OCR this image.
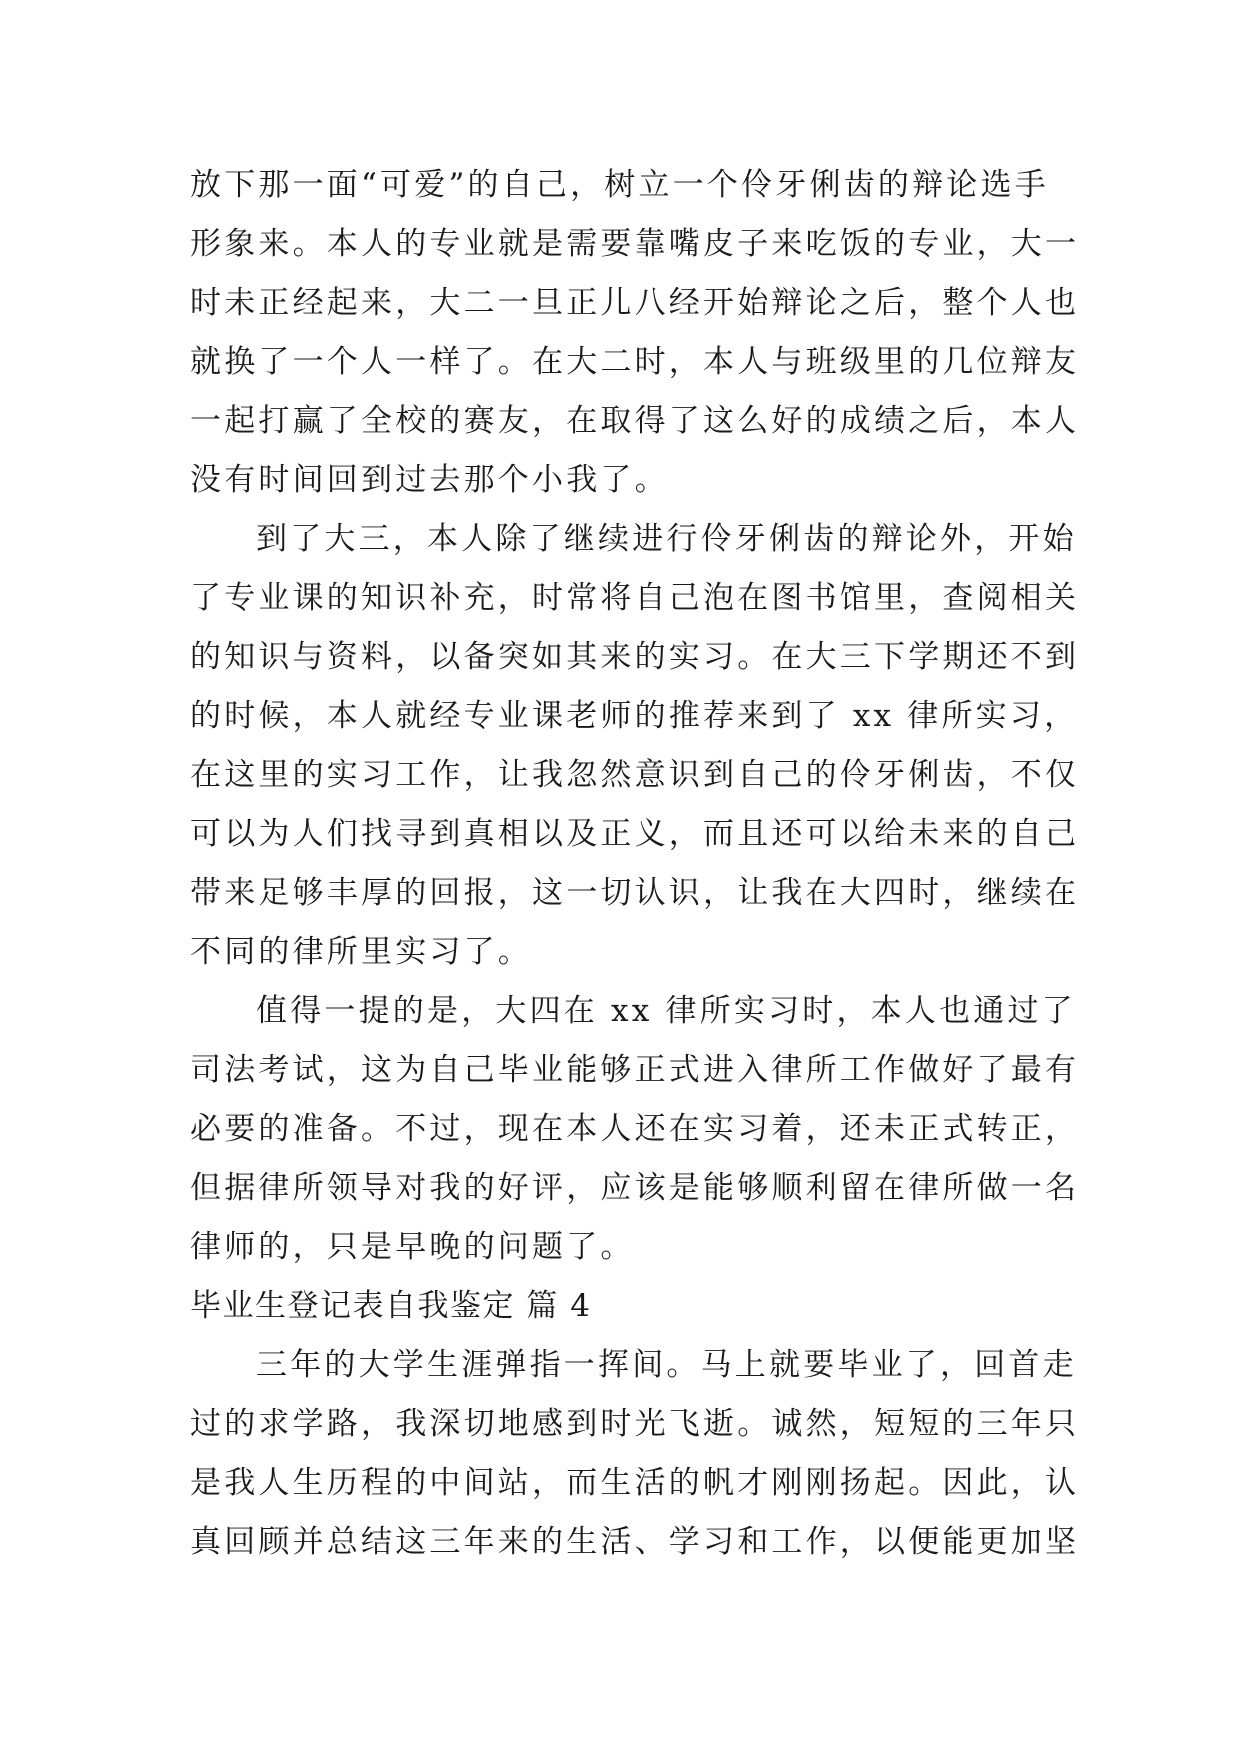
放下那一面“可爱”的自己，树立一个伶牙俐齿的辩论选手
形象来。本人的专业就是需要靠嘴皮子来吃饭的专业，大一
时未正经起来，大二一旦正儿八经开始辩论之后，整个人也
就换了一个人一样了。在大二时，本人与班级里的几位辩友
一起打赢了全校的赛友，在取得了这么好的成绩之后，本人
没有时间回到过去那个小我了。
到了大三，本人除了继续进行伶牙俐齿的辩论外，开始
了专业课的知识补充，时常将自己泡在图书馆里，查阅相关
的知识与资料，以备突如其来的实习。在大三下学期还不到
的时候，本人就经专业课老师的推荐来到了 xx 律所实习，
在这里的实习工作，让我忽然意识到自己的伶牙俐齿，不仅
可以为人们找寻到真相以及正义，而且还可以给未来的自己
带来足够丰厚的回报，这一切认识，让我在大四时，继续在
不同的律所里实习了。
值得一提的是，大四在 xx 律所实习时，本人也通过了
司法考试，这为自己毕业能够正式进入律所工作做好了最有
必要的准备。不过，现在本人还在实习着，还未正式转正，
但据律所领导对我的好评，应该是能够顺利留在律所做一名
律师的，只是早晚的问题了。
毕业生登记表自我鉴定 篇 4
三年的大学生涯弹指一挥间。马上就要毕业了，回首走
过的求学路，我深切地感到时光飞逝。诚然，短短的三年只
是我人生历程的中间站，而生活的帆才刚刚扬起。因此，认
真回顾并总结这三年来的生活、学习和工作，以便能更加坚
